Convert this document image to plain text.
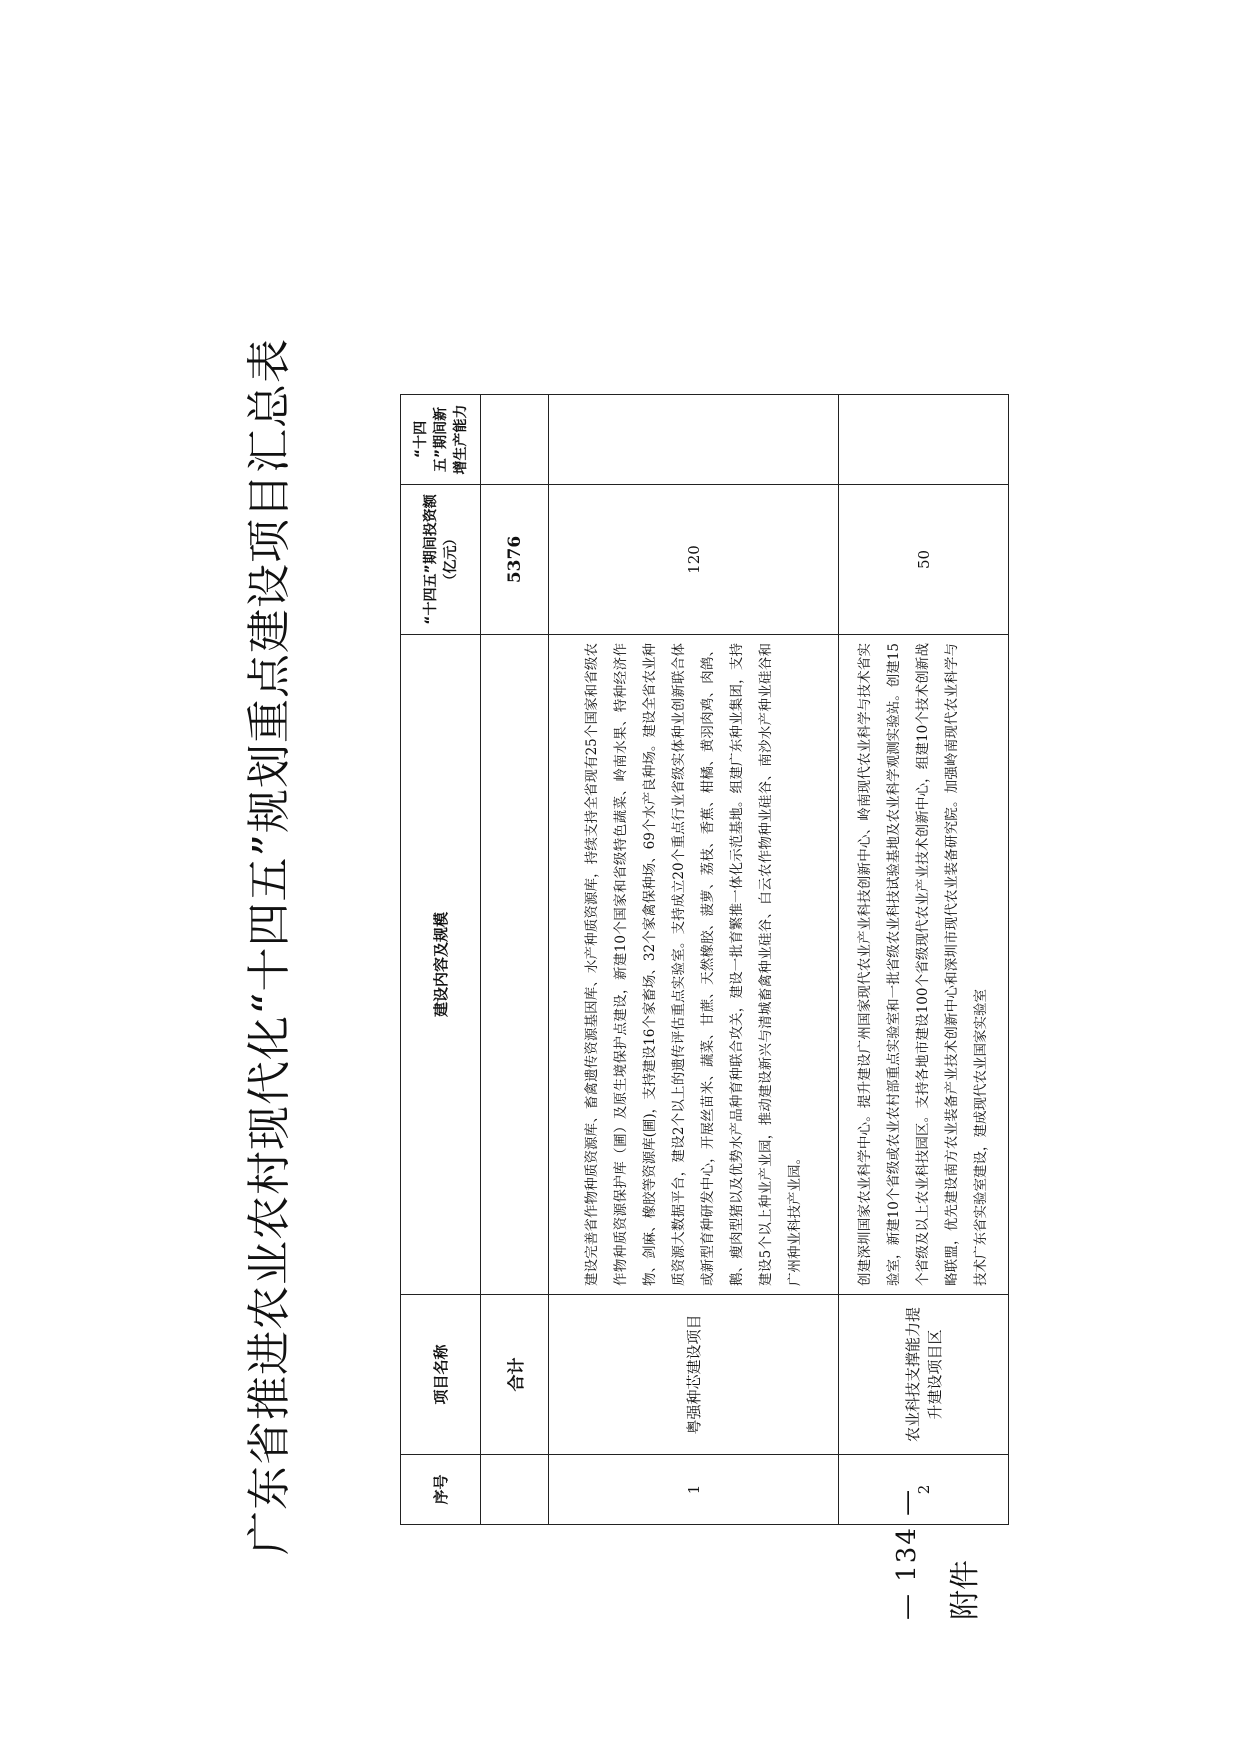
— 134 — 附件
广东省推进农业农村现代化“十四五”规划重点建设项目汇总表	序号	项目名称	建设内容及规模	“十四五”期间投资额（亿元）	“十四五”期间新增生产能力
	合计		5376	
1	粤强种芯建设项目	建设完善省作物种质资源库、畜禽遗传资源基因库、水产种质资源库，持续支持全省现有25个国家和省级农作物种质资源保护库（圃）及原生境保护点建设，新建10个国家和省级特色蔬菜、岭南水果、特种经济作物、剑麻、橡胶等资源库(圃)，支持建设16个家畜场、32个家禽保种场、69个水产良种场。建设全省农业种质资源大数据平台，建设2个以上的遗传评估重点实验室。支持成立20个重点行业省级实体种业创新联合体或新型育种研发中心，开展丝苗米、蔬菜、甘蔗、天然橡胶、菠萝、荔枝、香蕉、柑橘、黄羽肉鸡、肉鸽、鹅、瘦肉型猪以及优势水产品种育种联合攻关，建设一批育繁推一体化示范基地。组建广东种业集团，支持建设5个以上种业产业园，推动建设新兴与清城畜禽种业硅谷、白云农作物种业硅谷、南沙水产种业硅谷和广州种业科技产业园。	120	
2	农业科技支撑能力提升建设项目区	创建深圳国家农业科学中心。提升建设广州国家现代农业产业科技创新中心、岭南现代农业科学与技术省实验室，新建10个省级或农业农村部重点实验室和一批省级农业科技试验基地及农业科学观测实验站。创建15个省级及以上农业科技园区。支持各地市建设100个省级现代农业产业技术创新中心，组建10个技术创新战略联盟，优先建设南方农业装备产业技术创新中心和深圳市现代农业装备研究院。加强岭南现代农业科学与技术广东省实验室建设，建成现代农业国家实验室	50	
